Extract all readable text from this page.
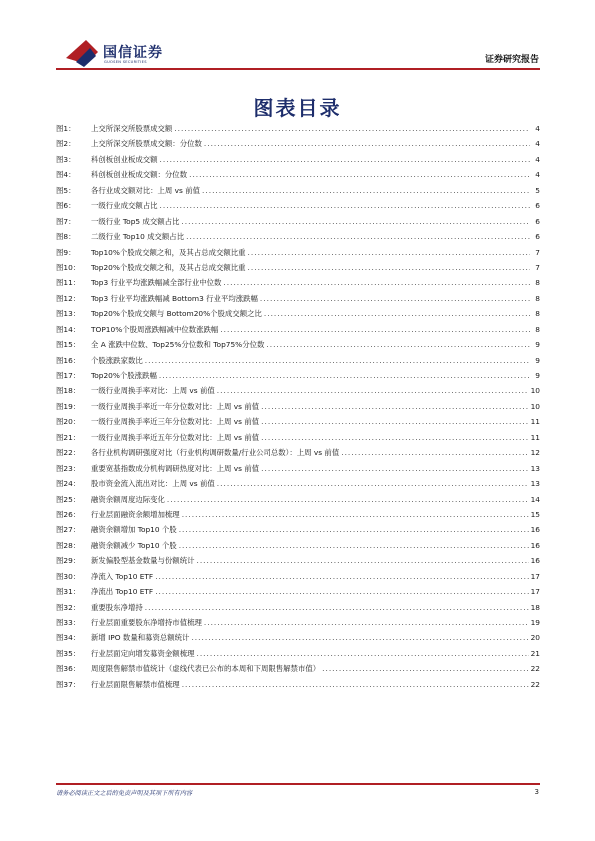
国信证券
GUOSEN SECURITIES	证券研究报告
图表目录
图1：	上交所深交所股票成交额 .....	4
图2：	上交所深交所股票成交额：分位数 .....	4
图3：	科创板创业板成交额 .....	4
图4：	科创板创业板成交额：分位数 .....	4
图5：	各行业成交额对比：上周 vs 前值 .....	5
图6：	一级行业成交额占比 .....	6
图7：	一级行业 Top5 成交额占比 .....	6
图8：	二级行业 Top10 成交额占比 .....	6
图9：	Top10%个股成交额之和，及其占总成交额比重 .....	7
图10：	Top20%个股成交额之和，及其占总成交额比重 .....	7
图11：	Top3 行业平均涨跌幅减全部行业中位数 .....	8
图12：	Top3 行业平均涨跌幅减 Bottom3 行业平均涨跌幅 .....	8
图13：	Top20%个股成交额与 Bottom20%个股成交额之比 .....	8
图14：	TOP10%个股周涨跌幅减中位数涨跌幅 .....	8
图15：	全 A 涨跌中位数、Top25%分位数和 Top75%分位数 .....	9
图16：	个股涨跌家数比 .....	9
图17：	Top20%个股涨跌幅 .....	9
图18：	一级行业周换手率对比：上周 vs 前值 .....	10
图19：	一级行业周换手率近一年分位数对比：上周 vs 前值 .....	10
图20：	一级行业周换手率近三年分位数对比：上周 vs 前值 .....	11
图21：	一级行业周换手率近五年分位数对比：上周 vs 前值 .....	11
图22：	各行业机构调研强度对比（行业机构调研数量/行业公司总数）：上周 vs 前值 .....	12
图23：	重要宽基指数成分机构调研热度对比：上周 vs 前值 .....	13
图24：	股市资金流入流出对比：上周 vs 前值 .....	13
图25：	融资余额周度边际变化 .....	14
图26：	行业层面融资余额增加梳理 .....	15
图27：	融资余额增加 Top10 个股 .....	16
图28：	融资余额减少 Top10 个股 .....	16
图29：	新发偏股型基金数量与份额统计 .....	16
图30：	净流入 Top10 ETF .....	17
图31：	净流出 Top10 ETF .....	17
图32：	重要股东净增持 .....	18
图33：	行业层面重要股东净增持市值梳理 .....	19
图34：	新增 IPO 数量和募资总额统计 .....	20
图35：	行业层面定向增发募资金额梳理 .....	21
图36：	周度限售解禁市值统计（虚线代表已公布的本周和下周限售解禁市值） .....	22
图37：	行业层面限售解禁市值梳理 .....	22
请务必阅读正文之后的免责声明及其项下所有内容	3
